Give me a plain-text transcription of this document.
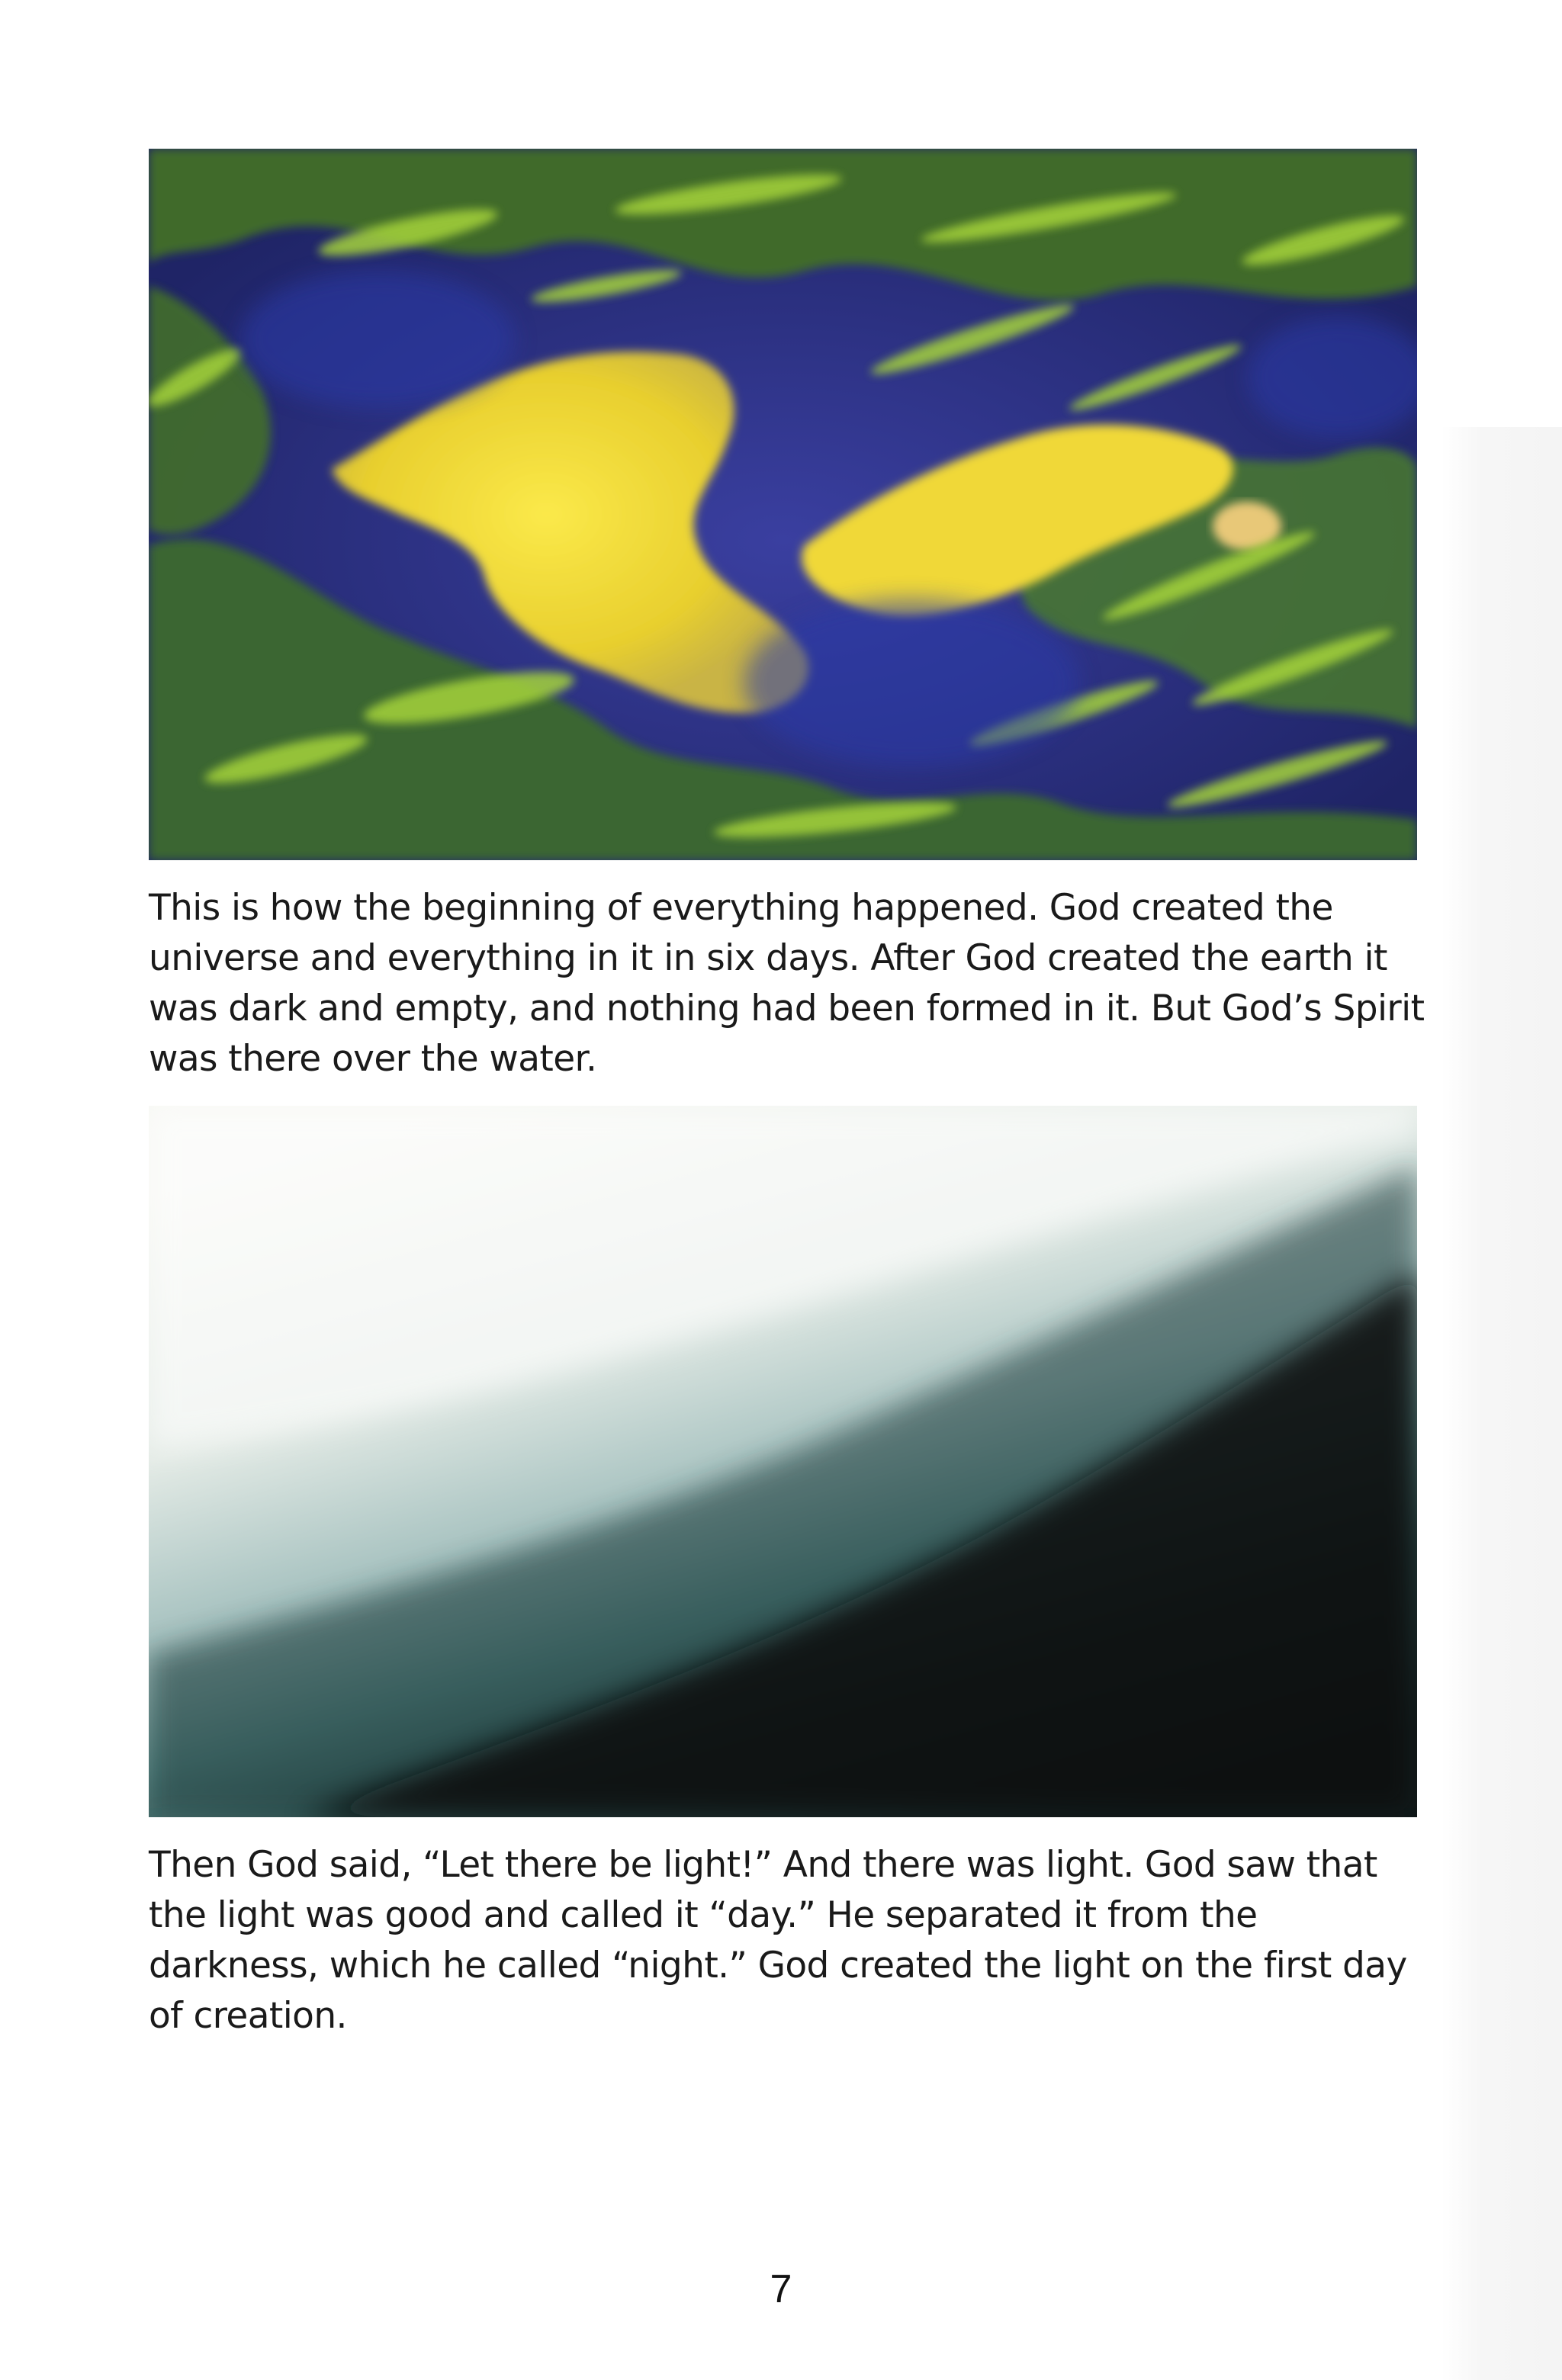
This is how the beginning of everything happened. God created the universe and everything in it in six days. After God created the earth it was dark and empty, and nothing had been formed in it. But God’s Spirit was there over the water.

Then God said, “Let there be light!” And there was light. God saw that the light was good and called it “day.” He separated it from the darkness, which he called “night.” God created the light on the first day of creation.

7
